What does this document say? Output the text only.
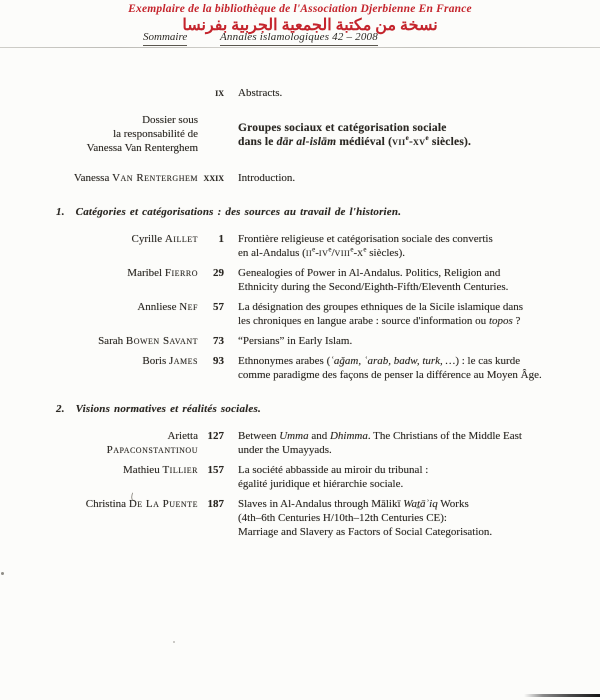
Exemplaire de la bibliothèque de l'Association Djerbienne En France
نسخة من مكتبة الجمعية الجربية بفرنسا
Sommaire	Annales islamologiques 42 – 2008
ix Abstracts.
Dossier sous
la responsabilité de
Vanessa Van Renterghem
Groupes sociaux et catégorisation sociale
dans le dār al-islām médiéval ($vii^e-xv^e$ siècles).
Vanessa Van Renterghem xxix Introduction.
1. Catégories et catégorisations : des sources au travail de l'historien.
Cyrille Aillet	1 Frontière religieuse et catégorisation sociale des convertis
en al-Andalus ($ii^e-iv^e/viii^e-x^e$ siècles).
Maribel Fierro	29 Genealogies of Power in Al-Andalus. Politics, Religion and
Ethnicity during the Second/Eighth-Fifth/Eleventh Centuries.
Annliese Nef	57 La désignation des groupes ethniques de la Sicile islamique dans
les chroniques en langue arabe : source d'information ou topos ?
Sarah Bowen Savant	73 “Persians” in Early Islam.
Boris James	93 Ethnonymes arabes (ʿaǧam, ʿarab, badw, turk, …) : le cas kurde
comme paradigme des façons de penser la différence au Moyen Âge.
2. Visions normatives et réalités sociales.
Arietta
Papaconstantinou
127 Between Umma and Dhimma. The Christians of the Middle East
under the Umayyads.
Mathieu Tillier 157 La société abbasside au miroir du tribunal :
égalité juridique et hiérarchie sociale.
Christina De La Puente 187 Slaves in Al-Andalus through Mālikī Waṯāʾiq Works
(4th–6th Centuries H/10th–12th Centuries CE):
Marriage and Slavery as Factors of Social Categorisation.
